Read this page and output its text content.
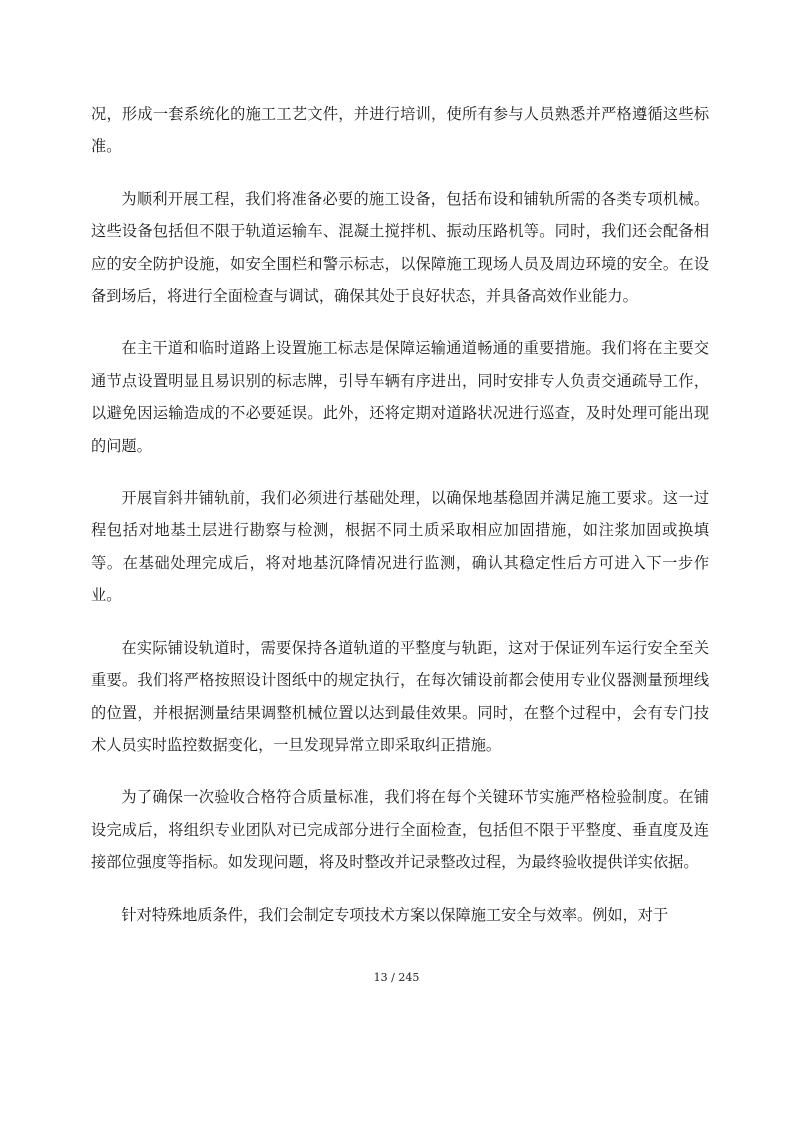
况，形成一套系统化的施工工艺文件，并进行培训，使所有参与人员熟悉并严格遵循这些标准。

为顺利开展工程，我们将准备必要的施工设备，包括布设和铺轨所需的各类专项机械。这些设备包括但不限于轨道运输车、混凝土搅拌机、振动压路机等。同时，我们还会配备相应的安全防护设施，如安全围栏和警示标志，以保障施工现场人员及周边环境的安全。在设备到场后，将进行全面检查与调试，确保其处于良好状态，并具备高效作业能力。

在主干道和临时道路上设置施工标志是保障运输通道畅通的重要措施。我们将在主要交通节点设置明显且易识别的标志牌，引导车辆有序进出，同时安排专人负责交通疏导工作，以避免因运输造成的不必要延误。此外，还将定期对道路状况进行巡查，及时处理可能出现的问题。

开展盲斜井铺轨前，我们必须进行基础处理，以确保地基稳固并满足施工要求。这一过程包括对地基土层进行勘察与检测，根据不同土质采取相应加固措施，如注浆加固或换填等。在基础处理完成后，将对地基沉降情况进行监测，确认其稳定性后方可进入下一步作业。

在实际铺设轨道时，需要保持各道轨道的平整度与轨距，这对于保证列车运行安全至关重要。我们将严格按照设计图纸中的规定执行，在每次铺设前都会使用专业仪器测量预埋线的位置，并根据测量结果调整机械位置以达到最佳效果。同时，在整个过程中，会有专门技术人员实时监控数据变化，一旦发现异常立即采取纠正措施。

为了确保一次验收合格符合质量标准，我们将在每个关键环节实施严格检验制度。在铺设完成后，将组织专业团队对已完成部分进行全面检查，包括但不限于平整度、垂直度及连接部位强度等指标。如发现问题，将及时整改并记录整改过程，为最终验收提供详实依据。

针对特殊地质条件，我们会制定专项技术方案以保障施工安全与效率。例如，对于

13 / 245
